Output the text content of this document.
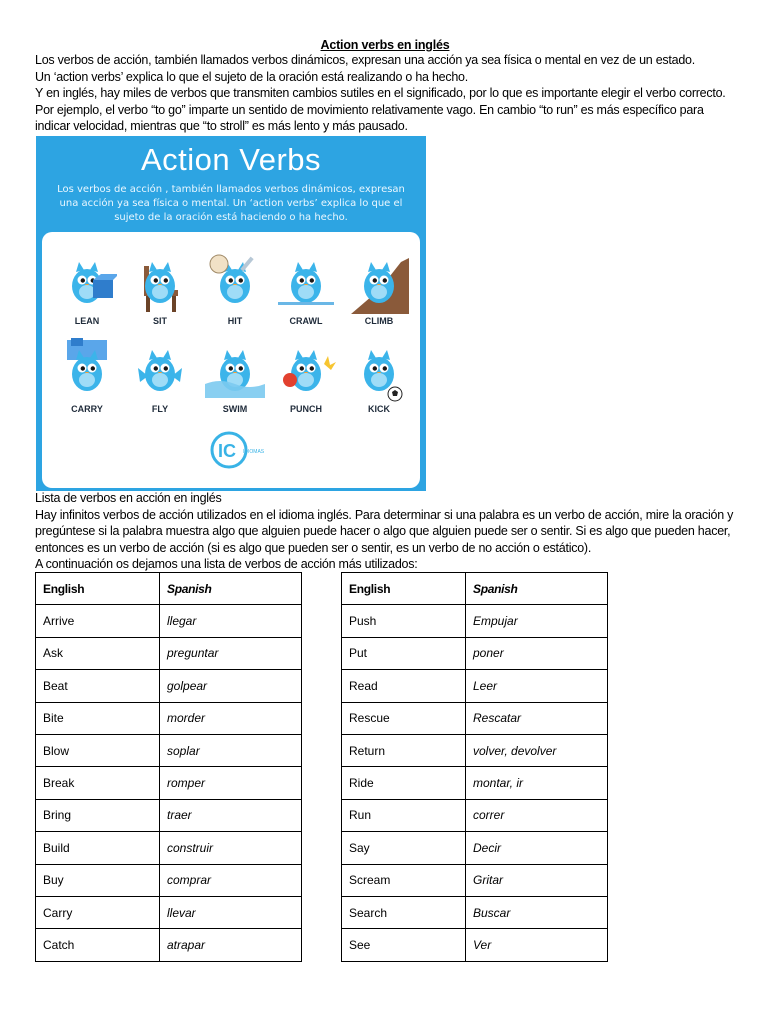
Action verbs en inglés

Los verbos de acción, también llamados verbos dinámicos, expresan una acción ya sea física o mental en vez de un estado.

Un ‘action verbs’ explica lo que el sujeto de la oración está realizando o ha hecho.

Y en inglés, hay miles de verbos que transmiten cambios sutiles en el significado, por lo que es importante elegir el verbo correcto.

Por ejemplo, el verbo “to go” imparte un sentido de movimiento relativamente vago. En cambio “to run” es más específico para indicar velocidad, mientras que “to stroll” es más lento y más pausado.

Action Verbs
Los verbos de acción , también llamados verbos dinámicos, expresan una acción ya sea física o mental. Un ‘action verbs’ explica lo que el sujeto de la oración está haciendo o ha hecho.
IC IDIOMAS
LEAN	SIT	HIT	CRAWL	CLIMB
CARRY	FLY	SWIM	PUNCH	KICK

Lista de verbos en acción en inglés

Hay infinitos verbos de acción utilizados en el idioma inglés. Para determinar si una palabra es un verbo de acción, mire la oración y pregúntese si la palabra muestra algo que alguien puede hacer o algo que alguien puede ser o sentir. Si es algo que pueden hacer, entonces es un verbo de acción (si es algo que pueden ser o sentir, es un verbo de no acción o estático).

A continuación os dejamos una lista de verbos de acción más utilizados:

English	Spanish
Arrive	llegar
Ask	preguntar
Beat	golpear
Bite	morder
Blow	soplar
Break	romper
Bring	traer
Build	construir
Buy	comprar
Carry	llevar
Catch	atrapar
English	Spanish
Push	Empujar
Put	poner
Read	Leer
Rescue	Rescatar
Return	volver, devolver
Ride	montar, ir
Run	correr
Say	Decir
Scream	Gritar
Search	Buscar
See	Ver
